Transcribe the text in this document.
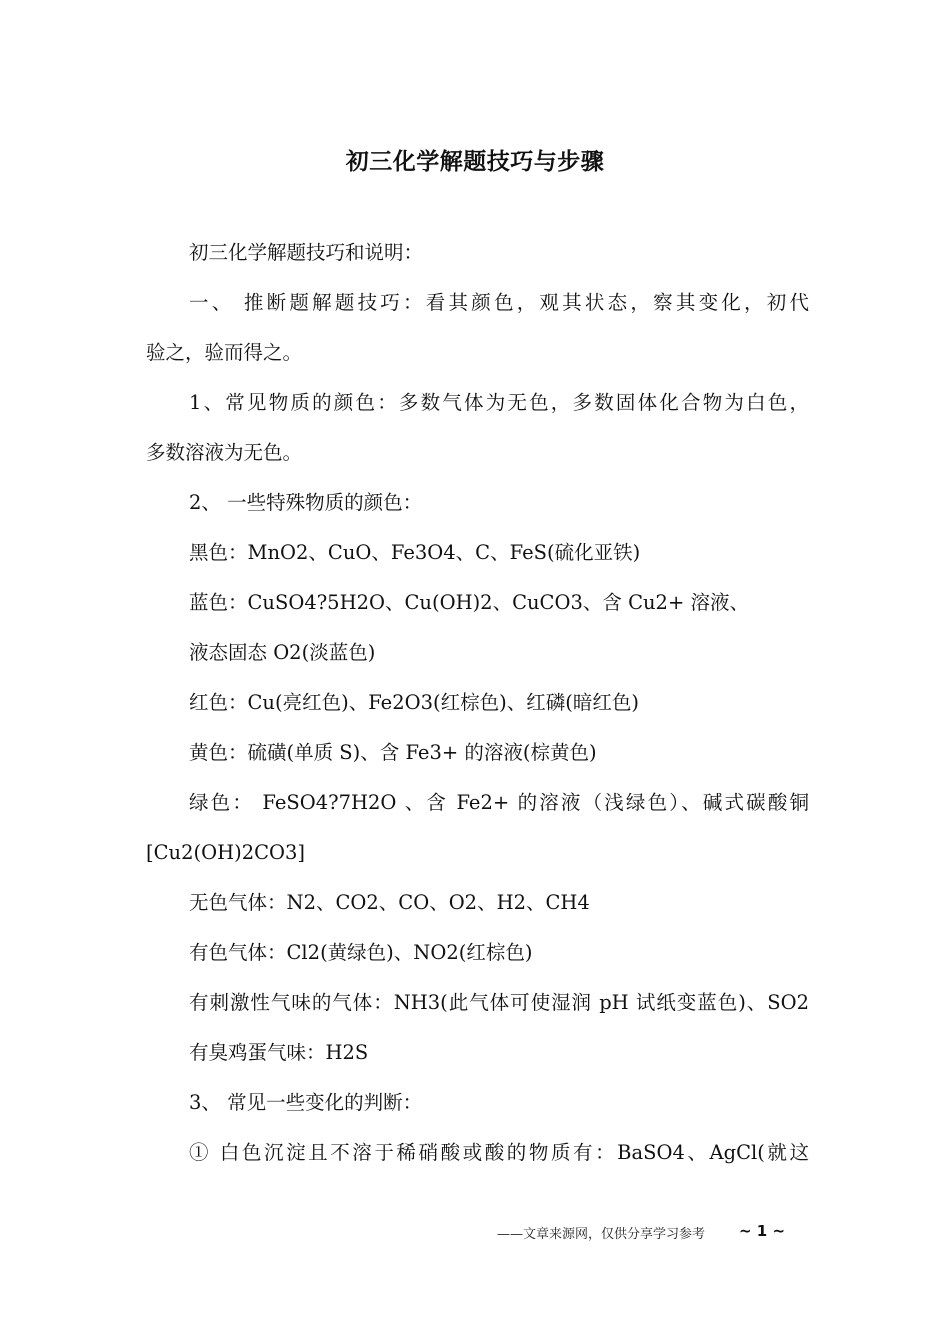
初三化学解题技巧与步骤
初三化学解题技巧和说明：
一、 推断题解题技巧：看其颜色，观其状态，察其变化，初代
验之，验而得之。
1、常见物质的颜色：多数气体为无色，多数固体化合物为白色，
多数溶液为无色。
2、 一些特殊物质的颜色：
黑色：MnO2、CuO、Fe3O4、C、FeS(硫化亚铁)
蓝色：CuSO4?5H2O、Cu(OH)2、CuCO3、含 Cu2+ 溶液、
液态固态 O2(淡蓝色)
红色：Cu(亮红色)、Fe2O3(红棕色)、红磷(暗红色)
黄色：硫磺(单质 S)、含 Fe3+ 的溶液(棕黄色)
绿色： FeSO4?7H2O 、含 Fe2+ 的溶液（浅绿色）、碱式碳酸铜
[Cu2(OH)2CO3]
无色气体：N2、CO2、CO、O2、H2、CH4
有色气体：Cl2(黄绿色)、NO2(红棕色)
有刺激性气味的气体：NH3(此气体可使湿润 pH 试纸变蓝色)、SO2
有臭鸡蛋气味：H2S
3、 常见一些变化的判断：
① 白色沉淀且不溶于稀硝酸或酸的物质有：BaSO4、AgCl(就这
——文章来源网，仅供分享学习参考 ~ 1 ~
